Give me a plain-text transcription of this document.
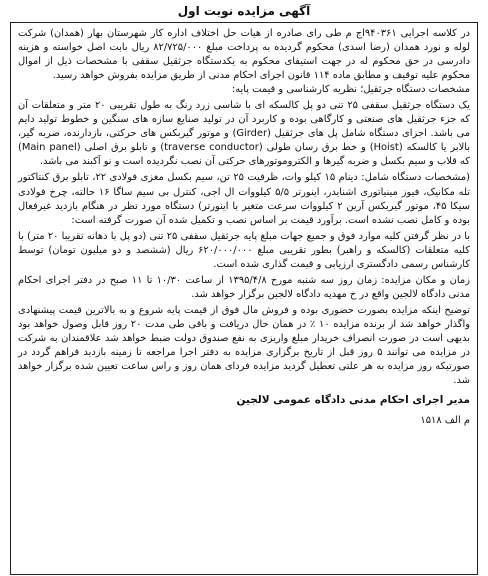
آگهی مزایده نوبت اول

در کلاسه اجرایی ۹۴۰۳۶۱اج م طی رای صادره از هیات حل اختلاف اداره کار شهرستان بهار (همدان) شرکت لوله و نورد همدان (رضا اسدی) محکوم گردیده به پرداخت مبلغ ۸۲/۷۲۵/۰۰۰ ریال بابت اصل خواسته و هزینه دادرسی در حق محکوم له در جهت استیفای محکوم به یکدستگاه جرثقیل سقفی با مشخصات ذیل از اموال محکوم علیه توقیف و مطابق ماده ۱۱۴ قانون اجرای احکام مدنی از طریق مزایده بفروش خواهد رسید.

مشخصات دستگاه جرثقیل؛ نظریه کارشناسی و قیمت پایه:

یک دستگاه جرثقیل سقفی ۲۵ تنی دو پل کالسکه ای با شاسی زرد رنگ به طول تقریبی ۲۰ متر و متعلقات آن که جزء جرثقیل های صنعتی و کارگاهی بوده و کاربرد آن در تولید صنایع سازه های سنگین و خطوط تولید دایم می باشد. اجزای دستگاه شامل پل های جرثقیل (Girder) و موتور گیربکس های حرکتی، بازدارنده، ضربه گیر، بالابر یا کالسکه (Hoist) و خط برق رسان طولی (traverse conductor) و تابلو برق اصلی (Main panel) که قلاب و سیم بکسل و ضربه گیرها و الکتروموتورهای حرکتی آن نصب نگردیده است و نو آکبند می باشد.

(مشخصات دستگاه شامل: دینام ۱۵ کیلو وات، ظرفیت ۲۵ تن، سیم بکسل مغزی فولادی ۲۲، تابلو برق کنتاکتور تله مکانیک، فیوز مینیاتوری اشنایدر، اینورتر ۵/۵ کیلووات ال اجی، کنترل بی سیم ساگا ۱۶ حالته، چرخ فولادی سیکا ۴۵، موتور گیربکس آرین ۲ کیلووات سرعت متغیر با اینورتر) دستگاه مورد نظر در هنگام بازدید غیرفعال بوده و کامل نصب نشده است. برآورد قیمت بر اساس نصب و تکمیل شده آن صورت گرفته است:

با در نظر گرفتن کلیه موارد فوق و جمیع جهات مبلغ پایه جرثقیل سقفی ۲۵ تنی (دو پل با دهانه تقریبا ۲۰ متر) با کلیه متعلقات (کالسکه و راهبر) بطور تقریبی مبلغ ۶۲۰/۰۰۰/۰۰۰ ریال (ششصد و دو میلیون تومان) توسط کارشناس رسمی دادگستری ارزیابی و قیمت گذاری شده است.

زمان و مکان مزایده: زمان روز سه شنبه مورخ ۱۳۹۵/۴/۸ از ساعت ۱۰/۳۰ تا ۱۱ صبح در دفتر اجرای احکام مدنی دادگاه لالجین واقع در خ مهدیه دادگاه لالجین برگزار خواهد شد.

توضیح اینکه مزایده بصورت حضوری بوده و فروش مال فوق از قیمت پایه شروع و به بالاترین قیمت پیشنهادی واگذار خواهد شد از برنده مزایده ۱۰ ٪ در همان حال دریافت و باقی طی مدت ۲۰ روز قابل وصول خواهد بود بدیهی است در صورت انصراف خریدار مبلغ واریزی به نفع صندوق دولت ضبط خواهد شد علاقمندان به شرکت در مزایده می توانند ۵ روز قبل از تاریخ برگزاری مزایده به دفتر اجرا مراجعه تا زمینه بازدید فراهم گردد در صورتیکه روز مزایده به هر علتی تعطیل گردید مزایده فردای همان روز و راس ساعت تعیین شده برگزار خواهد شد.

مدیر اجرای احکام مدنی دادگاه عمومی لالجین
م الف ۱۵۱۸
